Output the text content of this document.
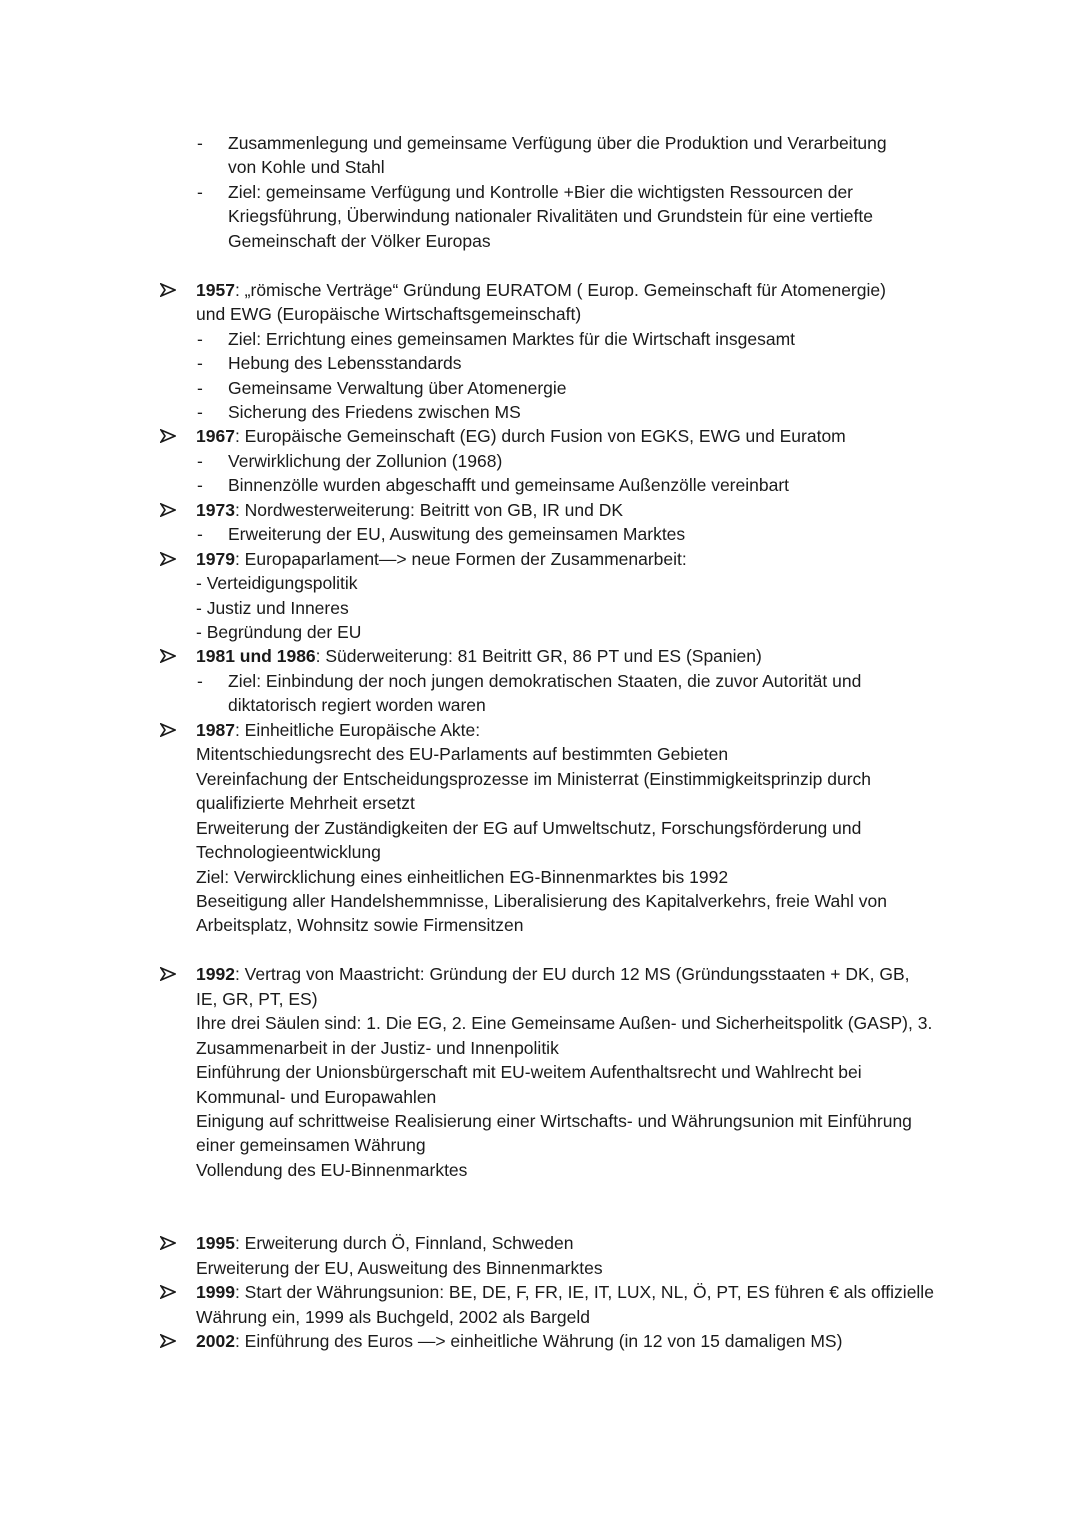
- Zusammenlegung und gemeinsame Verfügung über die Produktion und Verarbeitung
von Kohle und Stahl
- Ziel: gemeinsame Verfügung und Kontrolle +Bier die wichtigsten Ressourcen der
Kriegsführung, Überwindung nationaler Rivalitäten und Grundstein für eine vertiefte
Gemeinschaft der Völker Europas
1957: „römische Verträge“ Gründung EURATOM ( Europ. Gemeinschaft für Atomenergie)
und EWG (Europäische Wirtschaftsgemeinschaft)
- Ziel: Errichtung eines gemeinsamen Marktes für die Wirtschaft insgesamt
- Hebung des Lebensstandards
- Gemeinsame Verwaltung über Atomenergie
- Sicherung des Friedens zwischen MS
1967: Europäische Gemeinschaft (EG) durch Fusion von EGKS, EWG und Euratom
- Verwirklichung der Zollunion (1968)
- Binnenzölle wurden abgeschafft und gemeinsame Außenzölle vereinbart
1973: Nordwesterweiterung: Beitritt von GB, IR und DK
- Erweiterung der EU, Auswitung des gemeinsamen Marktes
1979: Europaparlament—> neue Formen der Zusammenarbeit:
- Verteidigungspolitik
- Justiz und Inneres
- Begründung der EU
1981 und 1986: Süderweiterung: 81 Beitritt GR, 86 PT und ES (Spanien)
- Ziel: Einbindung der noch jungen demokratischen Staaten, die zuvor Autorität und
diktatorisch regiert worden waren
1987: Einheitliche Europäische Akte:
Mitentschiedungsrecht des EU-Parlaments auf bestimmten Gebieten
Vereinfachung der Entscheidungsprozesse im Ministerrat (Einstimmigkeitsprinzip durch
qualifizierte Mehrheit ersetzt
Erweiterung der Zuständigkeiten der EG auf Umweltschutz, Forschungsförderung und
Technologieentwicklung
Ziel: Verwircklichung eines einheitlichen EG-Binnenmarktes bis 1992
Beseitigung aller Handelshemmnisse, Liberalisierung des Kapitalverkehrs, freie Wahl von
Arbeitsplatz, Wohnsitz sowie Firmensitzen
1992: Vertrag von Maastricht: Gründung der EU durch 12 MS (Gründungsstaaten + DK, GB,
IE, GR, PT, ES)
Ihre drei Säulen sind: 1. Die EG, 2. Eine Gemeinsame Außen- und Sicherheitspolitk (GASP), 3.
Zusammenarbeit in der Justiz- und Innenpolitik
Einführung der Unionsbürgerschaft mit EU-weitem Aufenthaltsrecht und Wahlrecht bei
Kommunal- und Europawahlen
Einigung auf schrittweise Realisierung einer Wirtschafts- und Währungsunion mit Einführung
einer gemeinsamen Währung
Vollendung des EU-Binnenmarktes
1995: Erweiterung durch Ö, Finnland, Schweden
Erweiterung der EU, Ausweitung des Binnenmarktes
1999: Start der Währungsunion: BE, DE, F, FR, IE, IT, LUX, NL, Ö, PT, ES führen € als offizielle
Währung ein, 1999 als Buchgeld, 2002 als Bargeld
2002: Einführung des Euros —> einheitliche Währung (in 12 von 15 damaligen MS)
